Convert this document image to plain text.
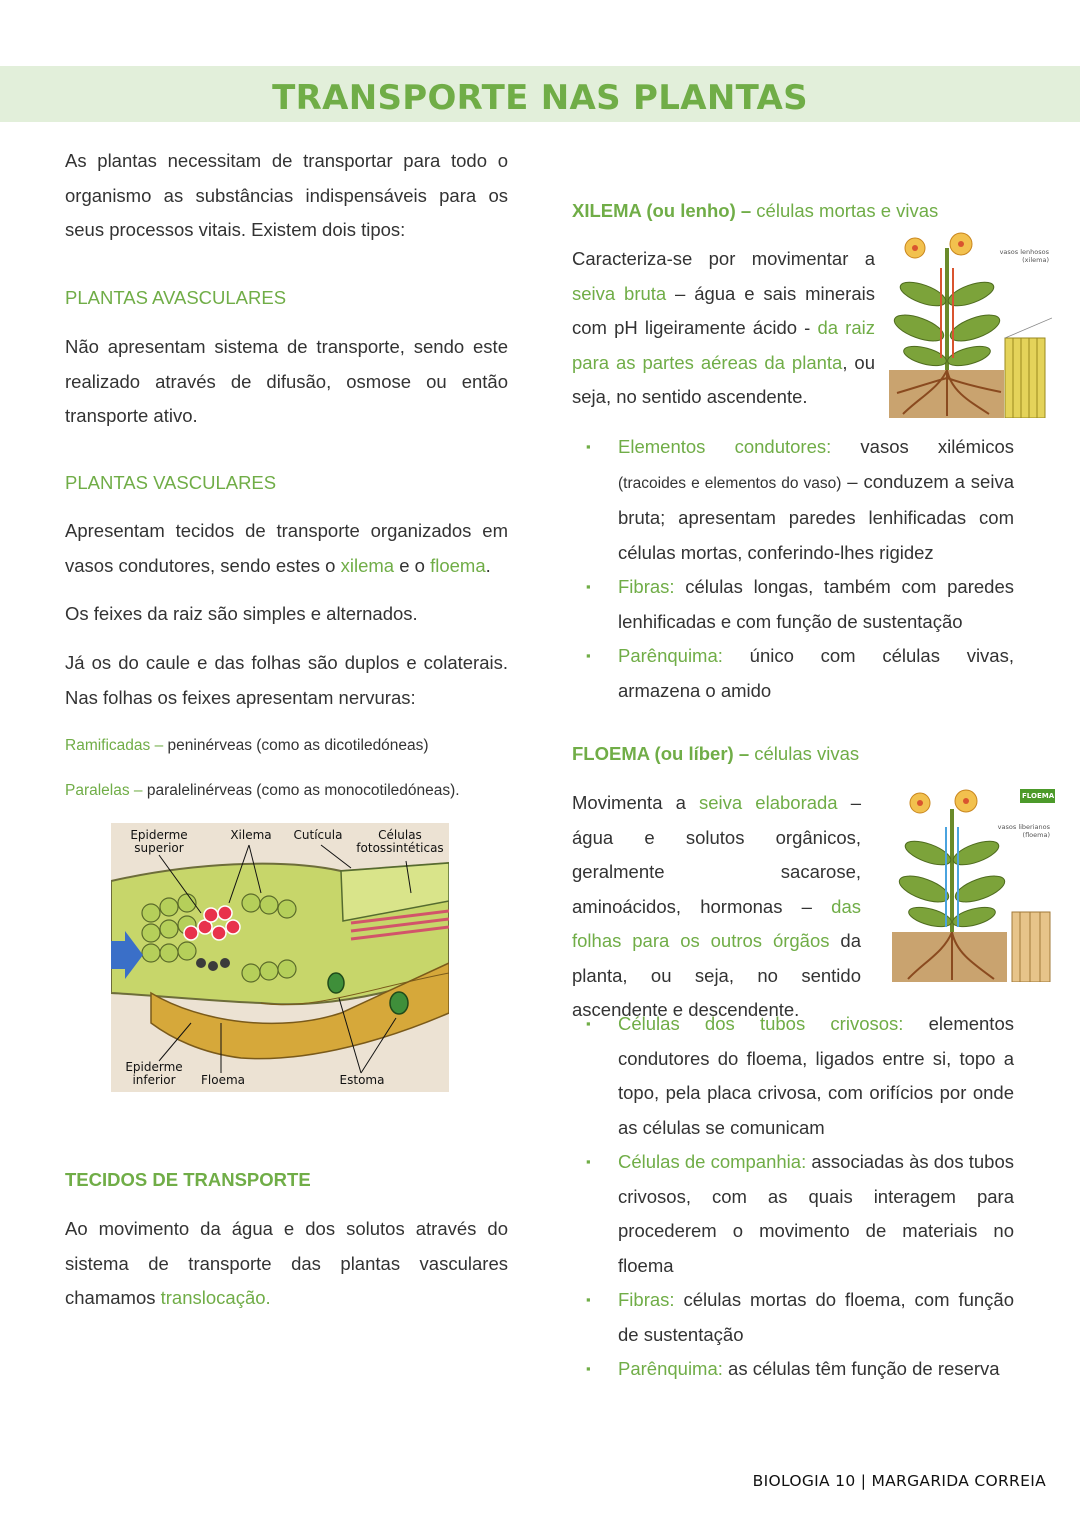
TRANSPORTE NAS PLANTAS

As plantas necessitam de transportar para todo o organismo as substâncias indispensáveis para os seus processos vitais. Existem dois tipos:

PLANTAS AVASCULARES

Não apresentam sistema de transporte, sendo este realizado através de difusão, osmose ou então transporte ativo.

PLANTAS VASCULARES

Apresentam tecidos de transporte organizados em vasos condutores, sendo estes o xilema e o floema.

Os feixes da raiz são simples e alternados.

Já os do caule e das folhas são duplos e colaterais. Nas folhas os feixes apresentam nervuras:

Ramificadas – peninérveas (como as dicotiledóneas)

Paralelas – paralelinérveas (como as monocotiledóneas).

Epiderme superior
Xilema	Cutícula	Células fotossintéticas
Epiderme inferior	Floema	Estoma

TECIDOS DE TRANSPORTE

Ao movimento da água e dos solutos através do sistema de transporte das plantas vasculares chamamos translocação.

XILEMA (ou lenho) – células mortas e vivas

Caracteriza-se por movimentar a seiva bruta – água e sais minerais com pH ligeiramente ácido - da raiz para as partes aéreas da planta, ou seja, no sentido ascendente.

vasos lenhosos (xilema)
▪ Elementos condutores: vasos xilémicos (tracoides e elementos do vaso) – conduzem a seiva bruta; apresentam paredes lenhificadas com células mortas, conferindo-lhes rigidez
▪ Fibras: células longas, também com paredes lenhificadas e com função de sustentação
▪ Parênquima: único com células vivas, armazena o amido

FLOEMA (ou líber) – células vivas

Movimenta a seiva elaborada – água e solutos orgânicos, geralmente sacarose, aminoácidos, hormonas – das folhas para os outros órgãos da planta, ou seja, no sentido ascendente e descendente.

FLOEMA
vasos liberianos (floema)
▪ Células dos tubos crivosos: elementos condutores do floema, ligados entre si, topo a topo, pela placa crivosa, com orifícios por onde as células se comunicam
▪ Células de companhia: associadas às dos tubos crivosos, com as quais interagem para procederem o movimento de materiais no floema
▪ Fibras: células mortas do floema, com função de sustentação
▪ Parênquima: as células têm função de reserva
BIOLOGIA 10 | MARGARIDA CORREIA
